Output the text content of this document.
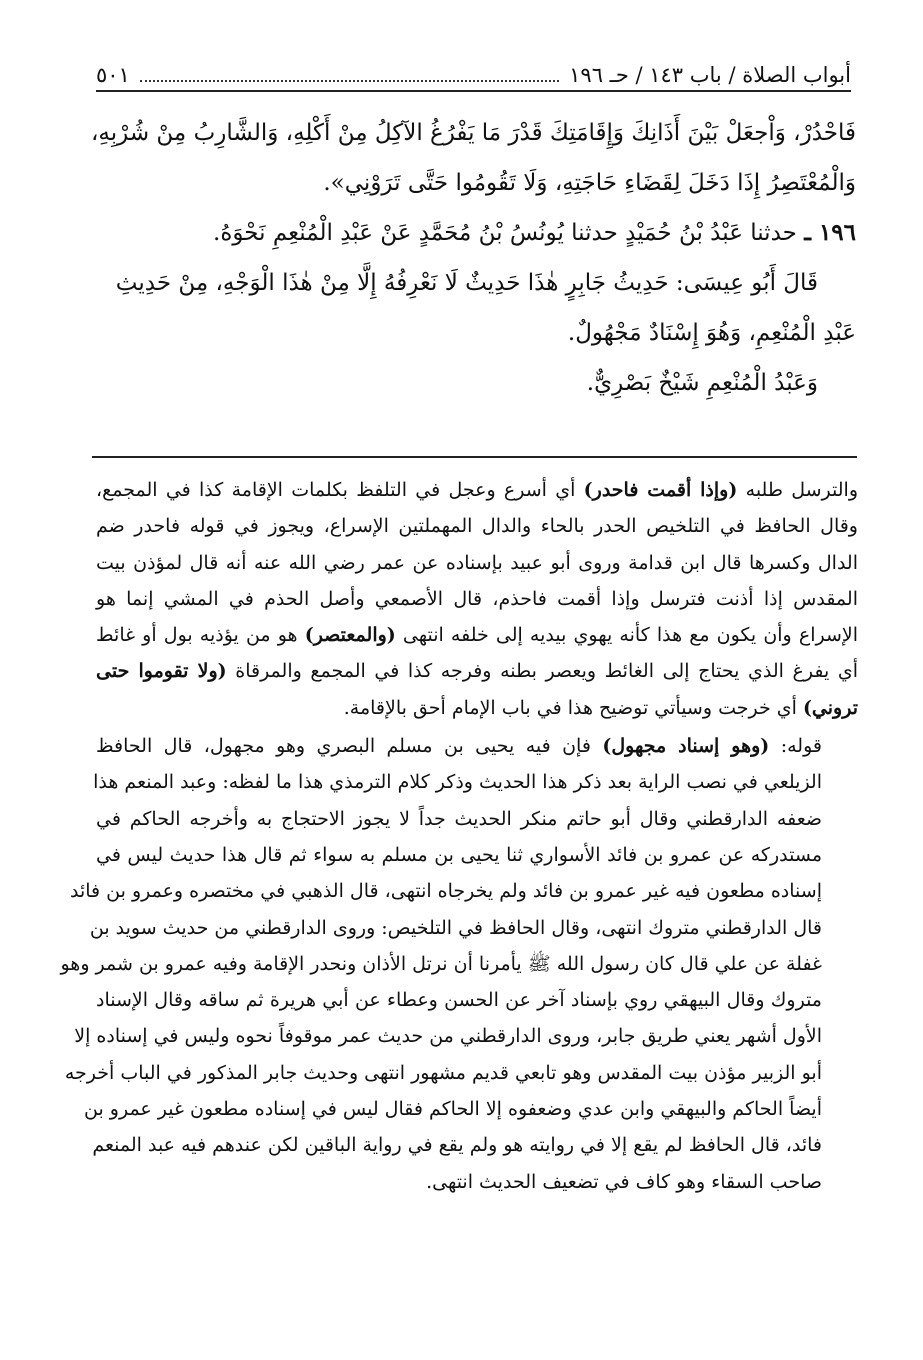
أبواب الصلاة / باب ١٤٣ / حـ ١٩٦
٥٠١

فَاحْدُرْ، وَاْجعَلْ بَيْنَ أَذَانِكَ وَإِقَامَتِكَ قَدْرَ مَا يَفْرُغُ الآكِلُ مِنْ أَكْلِهِ، وَالشَّارِبُ مِنْ شُرْبِهِ،

وَالْمُعْتَصِرُ إِذَا دَخَلَ لِقَضَاءِ حَاجَتِهِ، وَلَا تَقُومُوا حَتَّى تَرَوْنِي».

١٩٦ ـ حدثنا عَبْدُ بْنُ حُمَيْدٍ حدثنا يُونُسُ بْنُ مُحَمَّدٍ عَنْ عَبْدِ الْمُنْعِمِ نَحْوَهُ.

قَالَ أَبُو عِيسَى: حَدِيثُ جَابِرٍ هٰذَا حَدِيثٌ لَا نَعْرِفُهُ إِلَّا مِنْ هٰذَا الْوَجْهِ، مِنْ حَدِيثِ

عَبْدِ الْمُنْعِمِ، وَهُوَ إِسْنَادٌ مَجْهُولٌ.

وَعَبْدُ الْمُنْعِمِ شَيْخٌ بَصْرِيٌّ.

والترسل طلبه (وإذا أقمت فاحدر) أي أسرع وعجل في التلفظ بكلمات الإقامة كذا في المجمع،
وقال الحافظ في التلخيص الحدر بالحاء والدال المهملتين الإسراع، ويجوز في قوله فاحدر ضم
الدال وكسرها قال ابن قدامة وروى أبو عبيد بإسناده عن عمر رضي الله عنه أنه قال لمؤذن بيت
المقدس إذا أذنت فترسل وإذا أقمت فاحذم، قال الأصمعي وأصل الحذم في المشي إنما هو
الإسراع وأن يكون مع هذا كأنه يهوي بيديه إلى خلفه انتهى (والمعتصر) هو من يؤذيه بول أو غائط
أي يفرغ الذي يحتاج إلى الغائط ويعصر بطنه وفرجه كذا في المجمع والمرقاة (ولا تقوموا حتى
تروني) أي خرجت وسيأتي توضيح هذا في باب الإمام أحق بالإقامة.

قوله: (وهو إسناد مجهول) فإن فيه يحيى بن مسلم البصري وهو مجهول، قال الحافظ
الزيلعي في نصب الراية بعد ذكر هذا الحديث وذكر كلام الترمذي هذا ما لفظه: وعبد المنعم هذا
ضعفه الدارقطني وقال أبو حاتم منكر الحديث جداً لا يجوز الاحتجاج به وأخرجه الحاكم في
مستدركه عن عمرو بن فائد الأسواري ثنا يحيى بن مسلم به سواء ثم قال هذا حديث ليس في
إسناده مطعون فيه غير عمرو بن فائد ولم يخرجاه انتهى، قال الذهبي في مختصره وعمرو بن فائد
قال الدارقطني متروك انتهى، وقال الحافظ في التلخيص: وروى الدارقطني من حديث سويد بن
غفلة عن علي قال كان رسول الله ﷺ يأمرنا أن نرتل الأذان ونحدر الإقامة وفيه عمرو بن شمر وهو
متروك وقال البيهقي روي بإسناد آخر عن الحسن وعطاء عن أبي هريرة ثم ساقه وقال الإسناد
الأول أشهر يعني طريق جابر، وروى الدارقطني من حديث عمر موقوفاً نحوه وليس في إسناده إلا
أبو الزبير مؤذن بيت المقدس وهو تابعي قديم مشهور انتهى وحديث جابر المذكور في الباب أخرجه
أيضاً الحاكم والبيهقي وابن عدي وضعفوه إلا الحاكم فقال ليس في إسناده مطعون غير عمرو بن
فائد، قال الحافظ لم يقع إلا في روايته هو ولم يقع في رواية الباقين لكن عندهم فيه عبد المنعم
صاحب السقاء وهو كاف في تضعيف الحديث انتهى.
